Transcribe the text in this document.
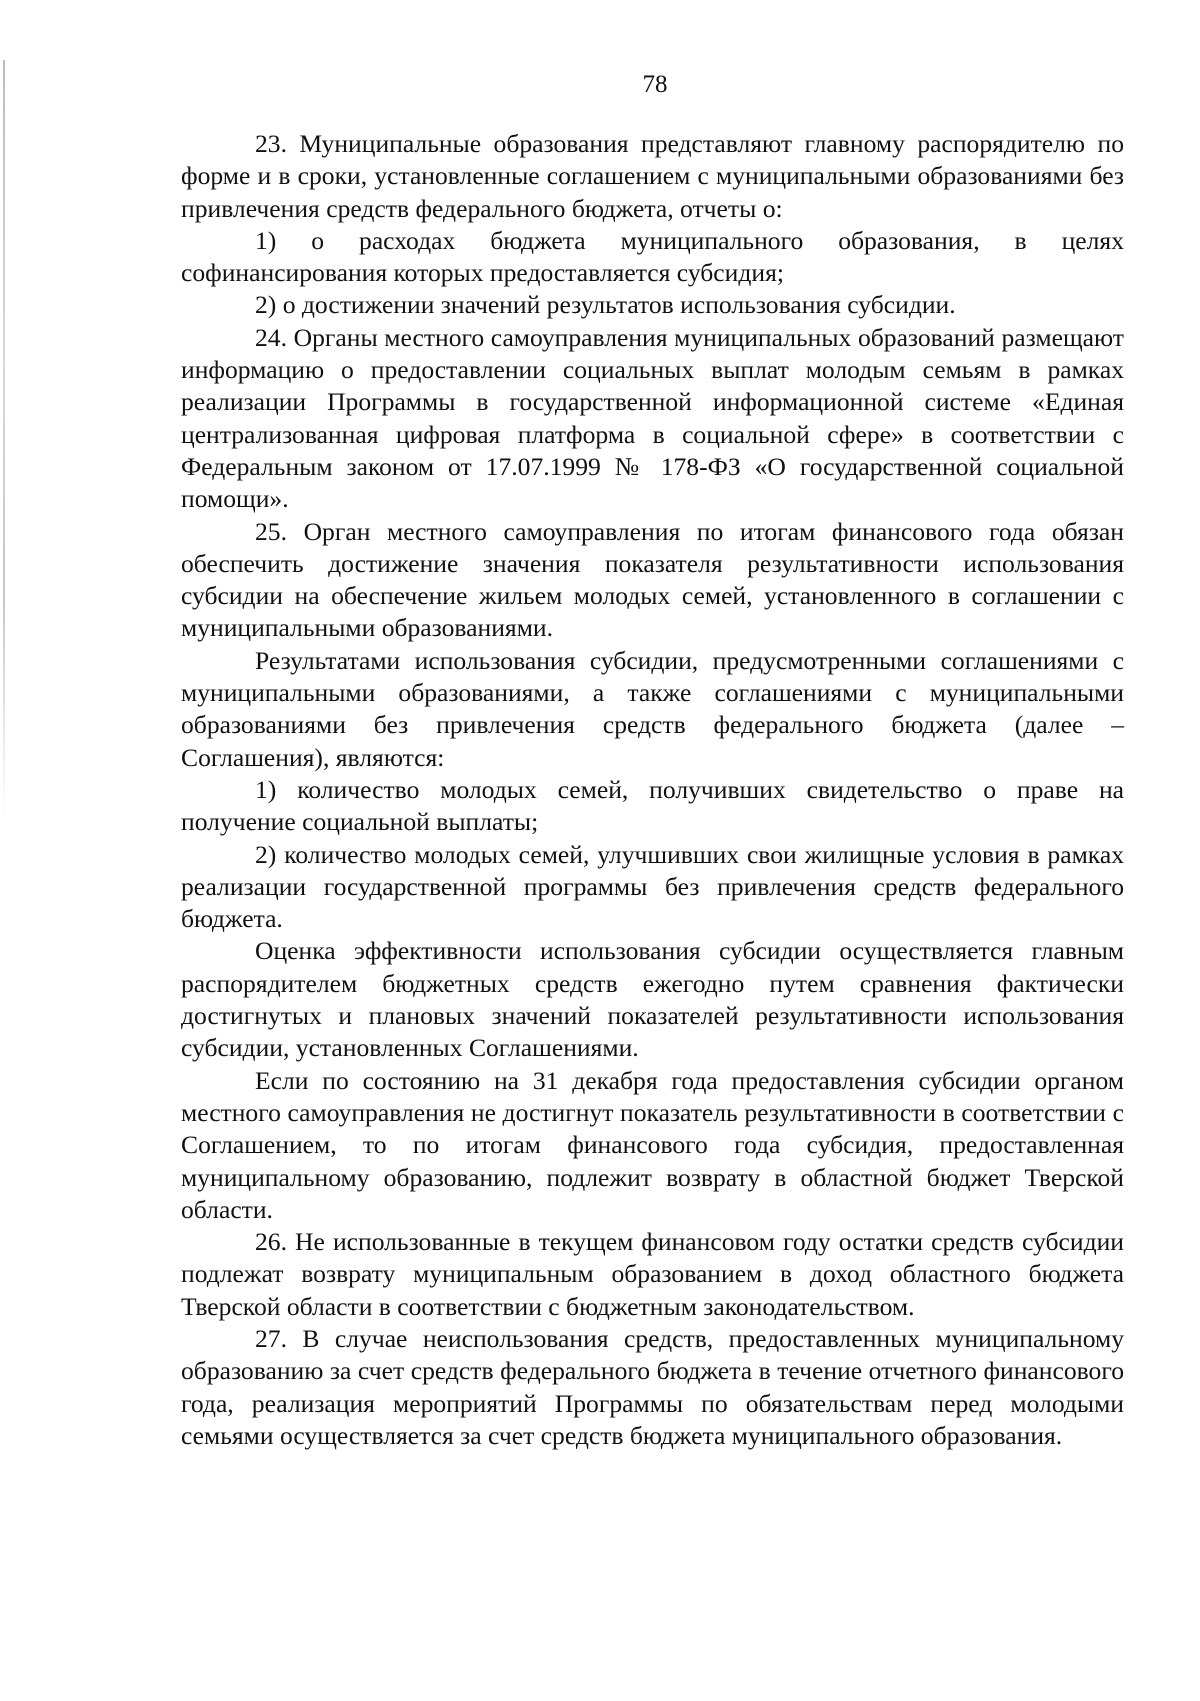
78

23. Муниципальные образования представляют главному распорядителю по форме и в сроки, установленные соглашением с муниципальными образованиями без привлечения средств федерального бюджета, отчеты о:

1) о расходах бюджета муниципального образования, в целях софинансирования которых предоставляется субсидия;

2) о достижении значений результатов использования субсидии.

24. Органы местного самоуправления муниципальных образований размещают информацию о предоставлении социальных выплат молодым семьям в рамках реализации Программы в государственной информационной системе «Единая централизованная цифровая платформа в социальной сфере» в соответствии с Федеральным законом от 17.07.1999 № 178-ФЗ «О государственной социальной помощи».

25. Орган местного самоуправления по итогам финансового года обязан обеспечить достижение значения показателя результативности использования субсидии на обеспечение жильем молодых семей, установленного в соглашении с муниципальными образованиями.

Результатами использования субсидии, предусмотренными соглашениями с муниципальными образованиями, а также соглашениями с муниципальными образованиями без привлечения средств федерального бюджета (далее – Соглашения), являются:

1) количество молодых семей, получивших свидетельство о праве на получение социальной выплаты;

2) количество молодых семей, улучшивших свои жилищные условия в рамках реализации государственной программы без привлечения средств федерального бюджета.

Оценка эффективности использования субсидии осуществляется главным распорядителем бюджетных средств ежегодно путем сравнения фактически достигнутых и плановых значений показателей результативности использования субсидии, установленных Соглашениями.

Если по состоянию на 31 декабря года предоставления субсидии органом местного самоуправления не достигнут показатель результативности в соответствии с Соглашением, то по итогам финансового года субсидия, предоставленная муниципальному образованию, подлежит возврату в областной бюджет Тверской области.

26. Не использованные в текущем финансовом году остатки средств субсидии подлежат возврату муниципальным образованием в доход областного бюджета Тверской области в соответствии с бюджетным законодательством.

27. В случае неиспользования средств, предоставленных муниципальному образованию за счет средств федерального бюджета в течение отчетного финансового года, реализация мероприятий Программы по обязательствам перед молодыми семьями осуществляется за счет средств бюджета муниципального образования.
